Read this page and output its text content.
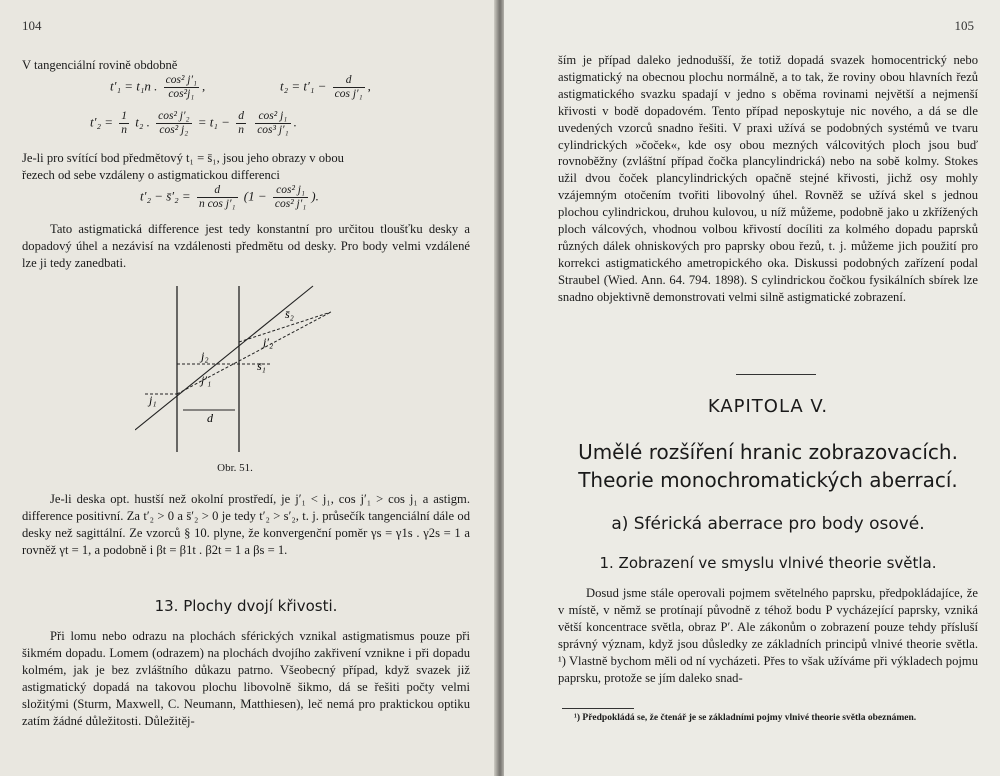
104
V tangenciální rovině obdobně
t′₁ = t₁n . $\frac{\text{cos² j′₁}}{\text{cos²j₁}}$ ,	$t_2 = t'_1 - \frac{d}{\text{cos j′₁}}$ ,
$t'_2 = \frac{1}{n} t_2$ . $\frac{\text{cos² j′₂}}{\text{cos² j₂}} = t_1 - \frac{d}{n}$
$\frac{\text{cos² j₁}}{\text{cos³ j′₁}}$ .
Je-li pro svítící bod předmětový t₁ = s̄₁, jsou jeho obrazy v obou
řezech od sebe vzdáleny o astigmatickou differenci
t′₂ − s̄′₂ = $\frac{d}{\text{n cos j′₁}} (1 - \frac{\text{cos² j₁}}{\text{cos² j′₁}}$ ).
Tato astigmatická difference jest tedy konstantní pro určitou tloušťku desky a dopadový úhel a nezávisí na vzdálenosti předmětu od desky. Pro body velmi vzdálené lze ji tedy zanedbati.
s̄₂
j′₂
s̄₁
j₂
j′₁
j₁
d
Obr. 51.
Je-li deska opt. hustší než okolní prostředí, je j′₁ < j₁, cos j′₁ > cos j₁ a astigm. difference positivní. Za t′₂ > 0 a s̄′₂ > 0 je tedy t′₂ > s′₂, t. j. průsečík tangenciální dále od desky než sagittální. Ze vzorců § 10. plyne, že konvergenční poměr γs = γ1s . γ2s = 1 a rovněž γt = 1, a podobně i βt = β1t . β2t = 1 a βs = 1.
13. Plochy dvojí křivosti.
Při lomu nebo odrazu na plochách sférických vznikal astigmatismus pouze při šikmém dopadu. Lomem (odrazem) na plochách dvojího zakřivení vznikne i při dopadu kolmém, jak je bez zvláštního důkazu patrno. Všeobecný případ, když svazek již astigmatický dopadá na takovou plochu libovolně šikmo, dá se řešiti počty velmi složitými (Sturm, Maxwell, C. Neumann, Matthiesen), leč nemá pro praktickou optiku zatím žádné důležitosti. Důležitěj-
105
ším je případ daleko jednodušší, že totiž dopadá svazek homocentrický nebo astigmatický na obecnou plochu normálně, a to tak, že roviny obou hlavních řezů astigmatického svazku spadají v jedno s oběma rovinami největší a nejmenší křivosti v bodě dopadovém. Tento případ neposkytuje nic nového, a dá se dle uvedených vzorců snadno řešiti. V praxi užívá se podobných systémů ve tvaru cylindrických »čoček«, kde osy obou mezných válcovitých ploch jsou buď rovnoběžny (zvláštní případ čočka plancylindrická) nebo na sobě kolmy. Stokes užil dvou čoček plancylindrických opačně stejné křivosti, jichž osy mohly vzájemným otočením tvořiti libovolný úhel. Rovněž se užívá skel s jednou plochou cylindrickou, druhou kulovou, u níž můžeme, podobně jako u zkřížených ploch válcových, vhodnou volbou křivostí docíliti za kolmého dopadu paprsků různých dálek ohniskových pro paprsky obou řezů, t. j. můžeme jich použití pro korrekci astigmatického ametropického oka. Diskussi podobných zařízení podal Straubel (Wied. Ann. 64. 794. 1898). S cylindrickou čočkou fysikálních sbírek lze snadno objektivně demonstrovati velmi silně astigmatické zobrazení.
KAPITOLA V.
Umělé rozšíření hranic zobrazovacích.
Theorie monochromatických aberrací.
a) Sférická aberrace pro body osové.
1. Zobrazení ve smyslu vlnivé theorie světla.
Dosud jsme stále operovali pojmem světelného paprsku, předpokládajíce, že v místě, v němž se protínají původně z téhož bodu P vycházející paprsky, vzniká větší koncentrace světla, obraz P′. Ale zákonům o zobrazení pouze tehdy přísluší správný význam, když jsou důsledky ze základních principů vlnivé theorie světla. ¹) Vlastně bychom měli od ní vycházeti. Přes to však užíváme při výkladech pojmu paprsku, protože se jím daleko snad-
¹) Předpokládá se, že čtenář je se základními pojmy vlnivé theorie světla obeznámen.
